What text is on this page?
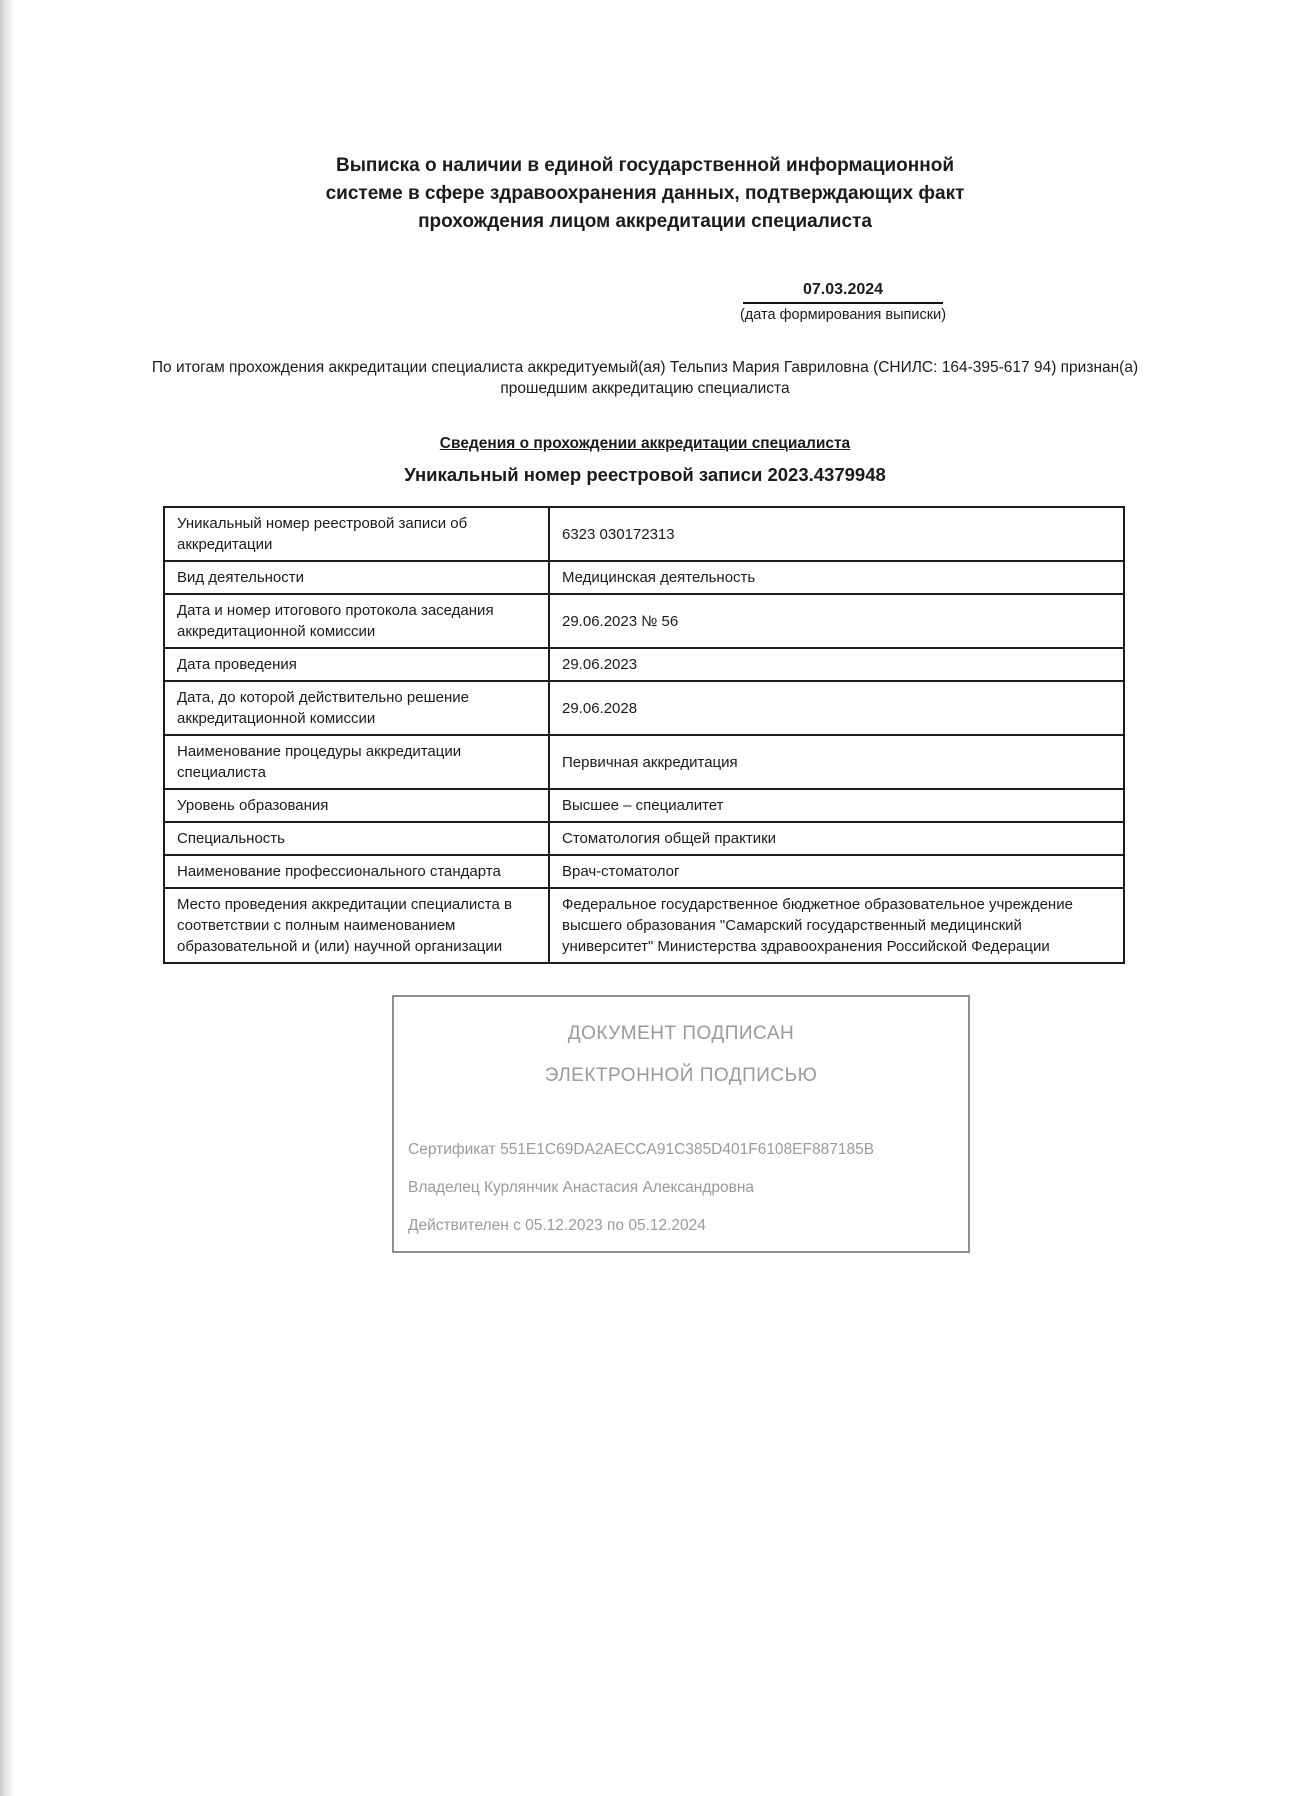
Выписка о наличии в единой государственной информационной
системе в сфере здравоохранения данных, подтверждающих факт
прохождения лицом аккредитации специалиста
07.03.2024
(дата формирования выписки)
По итогам прохождения аккредитации специалиста аккредитуемый(ая) Тельпиз Мария Гавриловна (СНИЛС: 164-395-617 94) признан(а) прошедшим аккредитацию специалиста
Сведения о прохождении аккредитации специалиста
Уникальный номер реестровой записи 2023.4379948
Уникальный номер реестровой записи об аккредитации	6323 030172313
Вид деятельности	Медицинская деятельность
Дата и номер итогового протокола заседания аккредитационной комиссии	29.06.2023 № 56
Дата проведения	29.06.2023
Дата, до которой действительно решение аккредитационной комиссии	29.06.2028
Наименование процедуры аккредитации специалиста	Первичная аккредитация
Уровень образования	Высшее – специалитет
Специальность	Стоматология общей практики
Наименование профессионального стандарта	Врач-стоматолог
Место проведения аккредитации специалиста в соответствии с полным наименованием образовательной и (или) научной организации	Федеральное государственное бюджетное образовательное учреждение высшего образования "Самарский государственный медицинский университет" Министерства здравоохранения Российской Федерации
ДОКУМЕНТ ПОДПИСАН
ЭЛЕКТРОННОЙ ПОДПИСЬЮ
Сертификат 551E1C69DA2AECCA91C385D401F6108EF887185B
Владелец Курлянчик Анастасия Александровна
Действителен с 05.12.2023 по 05.12.2024
